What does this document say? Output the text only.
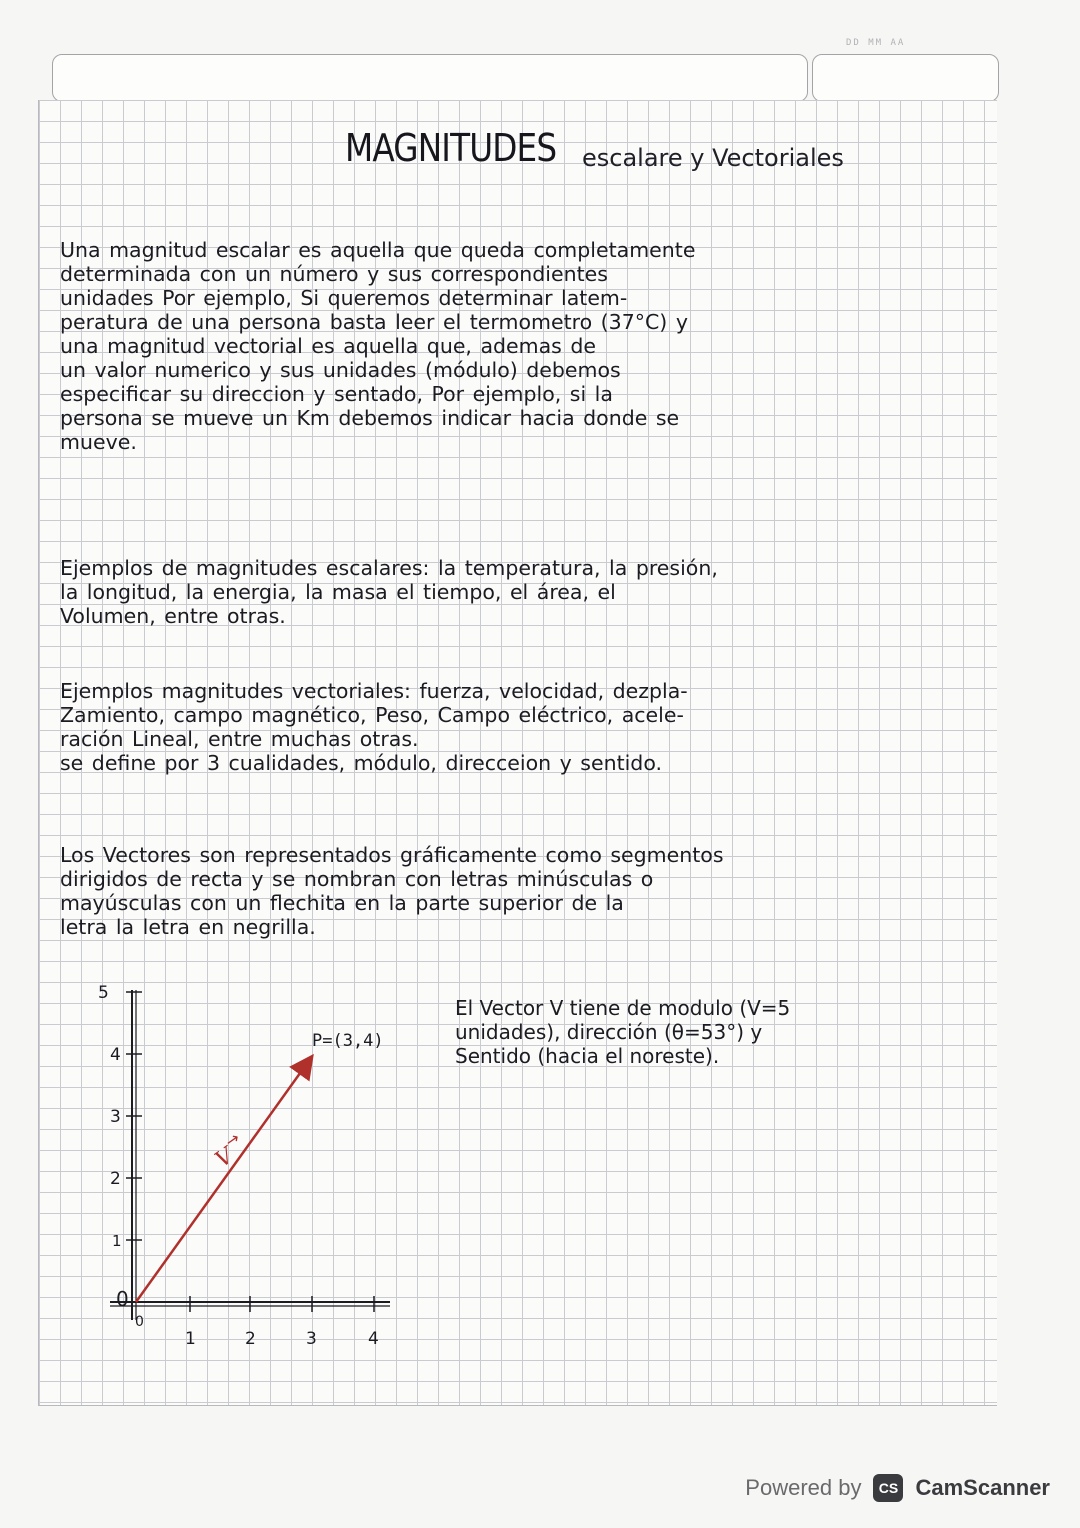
DD MM AA
MAGNITUDES escalare y Vectoriales

Una magnitud escalar es aquella que queda completamente
determinada con un número y sus correspondientes
unidades Por ejemplo, Si queremos determinar latem-
peratura de una persona basta leer el termometro (37°C) y
una magnitud vectorial es aquella que, ademas de
un valor numerico y sus unidades (módulo) debemos
especificar su direccion y sentado, Por ejemplo, si la
persona se mueve un Km debemos indicar hacia donde se
mueve.

Ejemplos de magnitudes escalares: la temperatura, la presión,
la longitud, la energia, la masa el tiempo, el área, el
Volumen, entre otras.

Ejemplos magnitudes vectoriales: fuerza, velocidad, dezpla-
Zamiento, campo magnético, Peso, Campo eléctrico, acele-
ración Lineal, entre muchas otras.
se define por 3 cualidades, módulo, direcceion y sentido.

Los Vectores son representados gráficamente como segmentos
dirigidos de recta y se nombran con letras minúsculas o
mayúsculas con un flechita en la parte superior de la
letra la letra en negrilla.

El Vector V tiene de modulo (V=5
unidades), dirección (θ=53°) y
Sentido (hacia el noreste).
5
4
3
2
1
0
0
1	2	3	4
V
→
P=(3,4)
Powered by	CS CamScanner
